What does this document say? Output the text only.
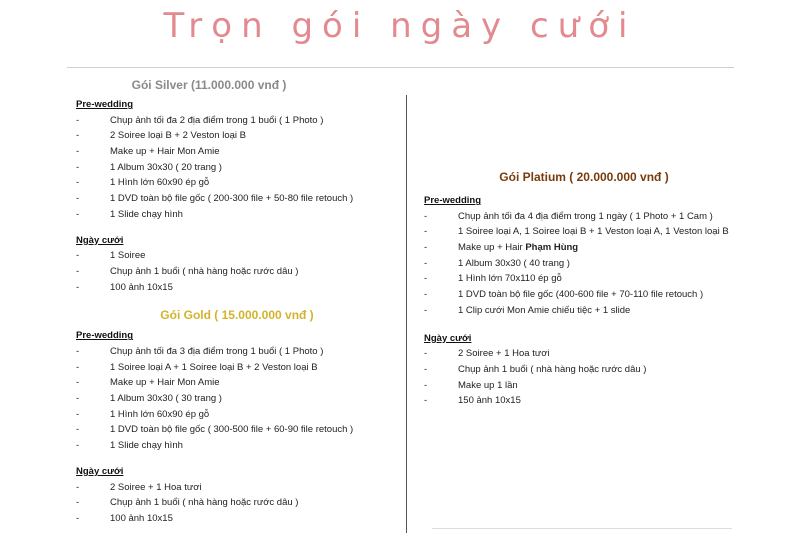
Trọn gói ngày cưới
Gói Silver (11.000.000 vnđ )
Pre-wedding
-	Chụp ảnh tối đa 2 địa điểm trong 1 buổi ( 1 Photo )
-	2 Soiree loại B + 2 Veston loại B
-	Make up + Hair Mon Amie
-	1 Album 30x30 ( 20 trang )
-	1 Hình lớn 60x90 ép gỗ
-	1 DVD toàn bộ file gốc ( 200-300 file + 50-80 file retouch )
-	1 Slide chạy hình
Ngày cưới
-	1 Soiree
-	Chụp ảnh 1 buổi ( nhà hàng hoặc rước dâu )
-	100 ảnh 10x15
Gói Gold ( 15.000.000 vnđ )
Pre-wedding
-	Chụp ảnh tối đa 3 địa điểm trong 1 buổi ( 1 Photo )
-	1 Soiree loại A + 1 Soiree loại B + 2 Veston loại B
-	Make up + Hair Mon Amie
-	1 Album 30x30 ( 30 trang )
-	1 Hình lớn 60x90 ép gỗ
-	1 DVD toàn bộ file gốc ( 300-500 file + 60-90 file retouch )
-	1 Slide chạy hình
Ngày cưới
-	2 Soiree + 1 Hoa tươi
-	Chụp ảnh 1 buổi ( nhà hàng hoặc rước dâu )
-	100 ảnh 10x15
Gói Platium ( 20.000.000 vnđ )
Pre-wedding
-	Chụp ảnh tối đa 4 địa điểm trong 1 ngày ( 1 Photo + 1 Cam )
-	1 Soiree loại A, 1 Soiree loại B + 1 Veston loại A, 1 Veston loại B
-	Make up + Hair Phạm Hùng
-	1 Album 30x30 ( 40 trang )
-	1 Hình lớn 70x110 ép gỗ
-	1 DVD toàn bộ file gốc (400-600 file + 70-110 file retouch )
-	1 Clip cưới Mon Amie chiếu tiệc + 1 slide
Ngày cưới
-	2 Soiree + 1 Hoa tươi
-	Chụp ảnh 1 buổi ( nhà hàng hoặc rước dâu )
-	Make up 1 lần
-	150 ảnh 10x15
